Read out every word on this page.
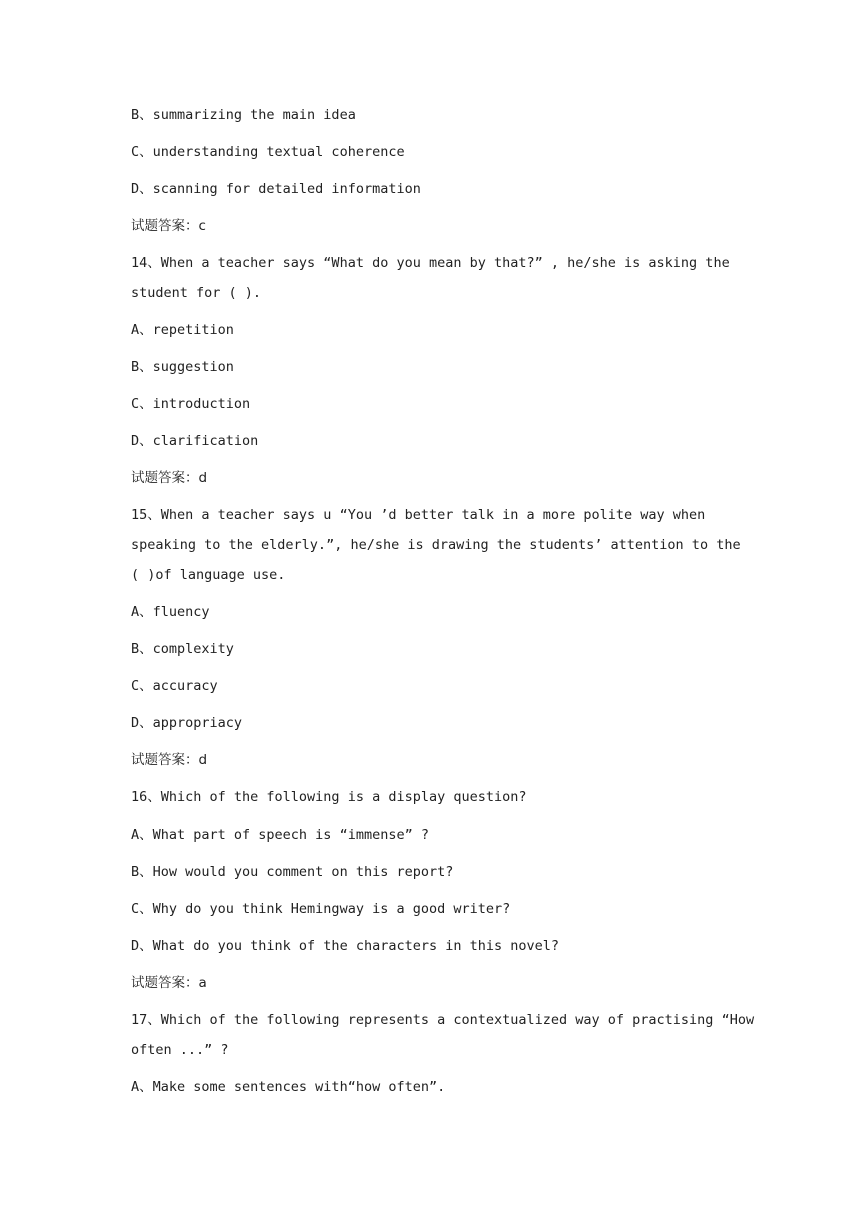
B、summarizing the main idea
C、understanding textual coherence
D、scanning for detailed information
试题答案：c
14、When a teacher says “What do you mean by that?” , he/she is asking the
student for ( ).
A、repetition
B、suggestion
C、introduction
D、clarification
试题答案：d
15、When a teacher says u “You ’d better talk in a more polite way when
speaking to the elderly.”, he/she is drawing the students’ attention to the
( )of language use.
A、fluency
B、complexity
C、accuracy
D、appropriacy
试题答案：d
16、Which of the following is a display question?
A、What part of speech is “immense” ?
B、How would you comment on this report?
C、Why do you think Hemingway is a good writer?
D、What do you think of the characters in this novel?
试题答案：a
17、Which of the following represents a contextualized way of practising “How
often ...” ?
A、Make some sentences with“how often”.
